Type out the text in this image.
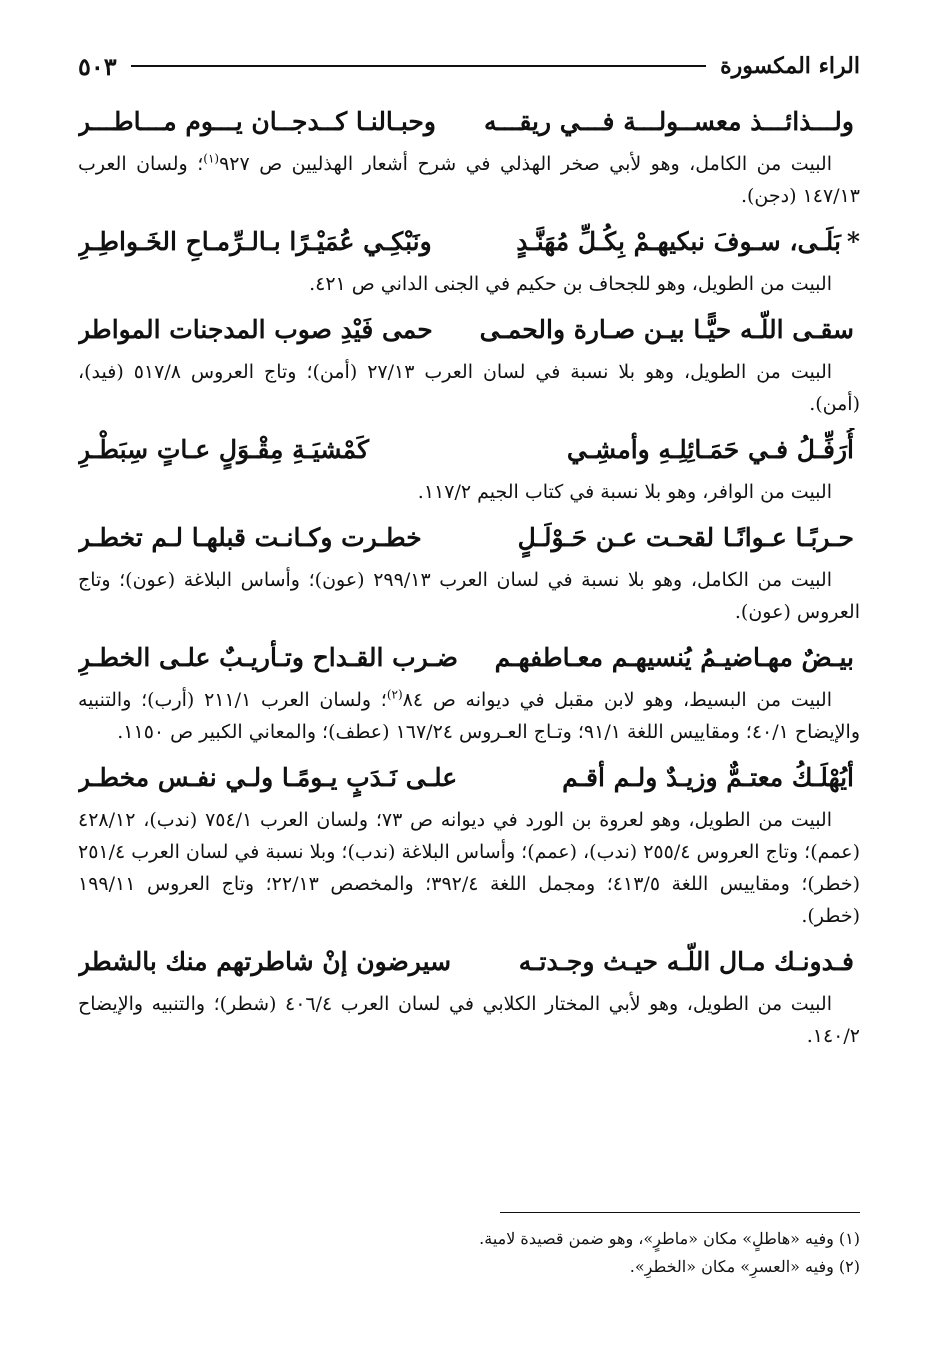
الراء المكسورة
٥٠٣
ولـــذائـــذ معســولـــة فـــي ريقـــه
وحبـالنـا كــدجــان يـــوم مـــاطـــر
البيت من الكامل، وهو لأبي صخر الهذلي في شرح أشعار الهذليين ص ٩٢٧$^{(١)}$؛ ولسان العرب ١٤٧/١٣ (دجن).
*بَلَـى، سـوفَ نبكيهـمْ بِكُـلِّ مُهَنَّـدٍ
ونَبْكِـي عُمَيْـرًا بـالـرِّمـاحِ الخَـواطِـرِ
البيت من الطويل، وهو للجحاف بن حكيم في الجنى الداني ص ٤٢١.
سقـى اللّـه حيًّـا بيـن صـارة والحمـى
حمى فَيْدِ صوب المدجنات المواطر
البيت من الطويل، وهو بلا نسبة في لسان العرب ٢٧/١٣ (أمن)؛ وتاج العروس ٥١٧/٨ (فيد)، (أمن).
أُرَفِّـلُ فـي حَمَـائِلِـهِ وأمشِـي
كَمْشيَـةِ مِقْـوَلٍ عـاتٍ سِبَطْـرِ
البيت من الوافر، وهو بلا نسبة في كتاب الجيم ١١٧/٢.
حـربًـا عـوانًـا لقحـت عـن حَـوْلَـلٍ
خطـرت وكـانـت قبلهـا لـم تخطـر
البيت من الكامل، وهو بلا نسبة في لسان العرب ٢٩٩/١٣ (عون)؛ وأساس البلاغة (عون)؛ وتاج العروس (عون).
بيـضٌ مهـاضيـمُ يُنسيهـم معـاطفهـم
ضـرب القـداح وتـأريـبٌ علـى الخطـرِ
البيت من البسيط، وهو لابن مقبل في ديوانه ص ٨٤$^{(٢)}$؛ ولسان العرب ٢١١/١ (أرب)؛ والتنبيه والإيضاح ٤٠/١؛ ومقاييس اللغة ٩١/١؛ وتـاج العـروس ١٦٧/٢٤ (عطف)؛ والمعاني الكبير ص ١١٥٠.
أيُهْلَـكُ معتـمٌّ وزيـدٌ ولـم أقـم
علـى نَـدَبٍ يـومًـا ولـي نفـس مخطـر
البيت من الطويل، وهو لعروة بن الورد في ديوانه ص ٧٣؛ ولسان العرب ٧٥٤/١ (ندب)، ٤٢٨/١٢ (عمم)؛ وتاج العروس ٢٥٥/٤ (ندب)، (عمم)؛ وأساس البلاغة (ندب)؛ وبلا نسبة في لسان العرب ٢٥١/٤ (خطر)؛ ومقاييس اللغة ٤١٣/٥؛ ومجمل اللغة ٣٩٢/٤؛ والمخصص ٢٢/١٣؛ وتاج العروس ١٩٩/١١ (خطر).
فـدونـك مـال اللّـه حيـث وجـدتـه
سيرضون إنْ شاطرتهم منك بالشطر
البيت من الطويل، وهو لأبي المختار الكلابي في لسان العرب ٤٠٦/٤ (شطر)؛ والتنبيه والإيضاح ١٤٠/٢.
(١) وفيه «هاطلٍ» مكان «ماطرٍ»، وهو ضمن قصيدة لامية.
(٢) وفيه «العسرِ» مكان «الخطرِ».
